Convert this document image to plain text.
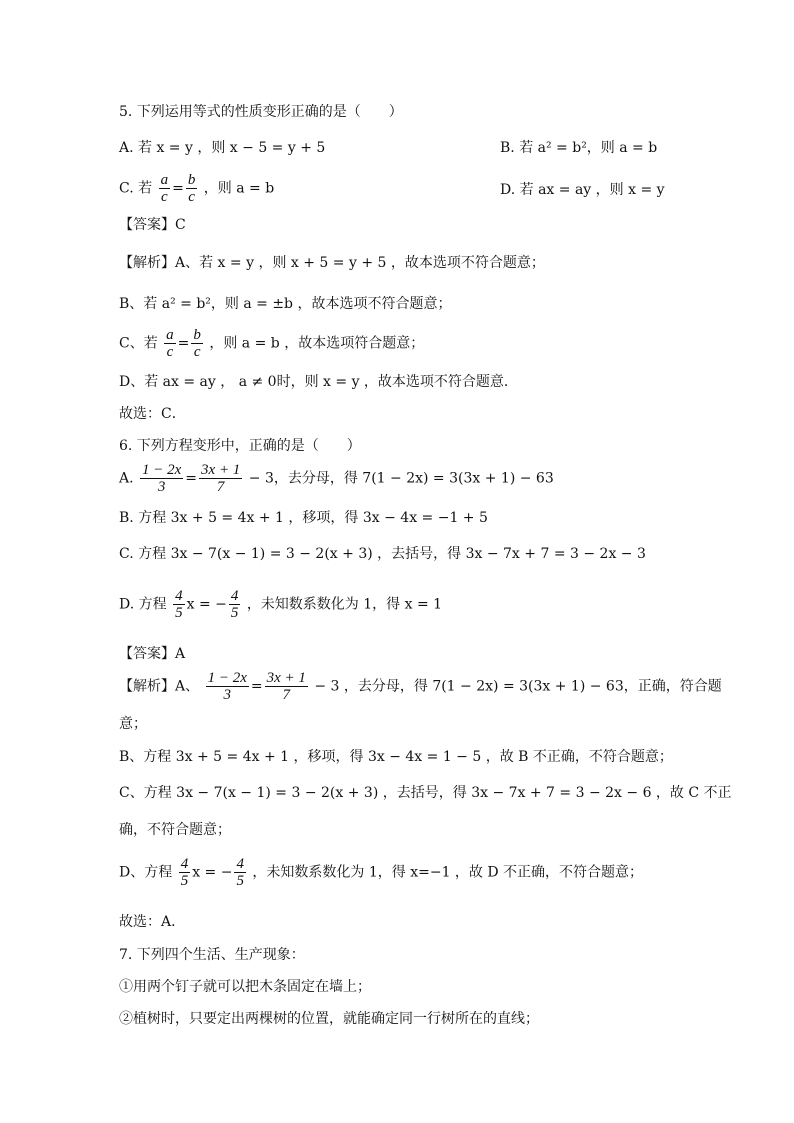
5. 下列运用等式的性质变形正确的是（　　）
A. 若 x = y ，则 x − 5 = y + 5	B. 若 a² = b²，则 a = b
C. 若 $\frac{a}{c} = \frac{b}{c}$ ，则 a = b	D. 若 ax = ay ，则 x = y
【答案】C
【解析】A、若 x = y ，则 x + 5 = y + 5 ，故本选项不符合题意；
B、若 a² = b²，则 a = ±b ，故本选项不符合题意；
C、若 $\frac{a}{c} = \frac{b}{c}$ ，则 a = b ，故本选项符合题意；
D、若 ax = ay ， a ≠ 0时，则 x = y ，故本选项不符合题意．
故选：C．
6. 下列方程变形中，正确的是（　　）
A. $\frac{1 - 2x}{3} = \frac{3x + 1}{7} - 3$，去分母，得 7(1 − 2x) = 3(3x + 1) − 63
B. 方程 3x + 5 = 4x + 1 ，移项，得 3x − 4x = −1 + 5
C. 方程 3x − 7(x − 1) = 3 − 2(x + 3) ，去括号，得 3x − 7x + 7 = 3 − 2x − 3
D. 方程 $\frac{4}{5}$ x = − $\frac{4}{5}$ ，未知数系数化为 1，得 x = 1
【答案】A
【解析】A、 $\frac{1 - 2x}{3} = \frac{3x + 1}{7} - 3$ ，去分母，得 7(1 − 2x) = 3(3x + 1) − 63，正确，符合题
意；
B、方程 3x + 5 = 4x + 1 ，移项，得 3x − 4x = 1 − 5 ，故 B 不正确，不符合题意；
C、方程 3x − 7(x − 1) = 3 − 2(x + 3) ，去括号，得 3x − 7x + 7 = 3 − 2x − 6 ，故 C 不正
确，不符合题意；
D、方程 $\frac{4}{5}$ x = − $\frac{4}{5}$ ，未知数系数化为 1，得 x=−1 ，故 D 不正确，不符合题意；
故选：A．
7. 下列四个生活、生产现象：
①用两个钉子就可以把木条固定在墙上；
②植树时，只要定出两棵树的位置，就能确定同一行树所在的直线；
